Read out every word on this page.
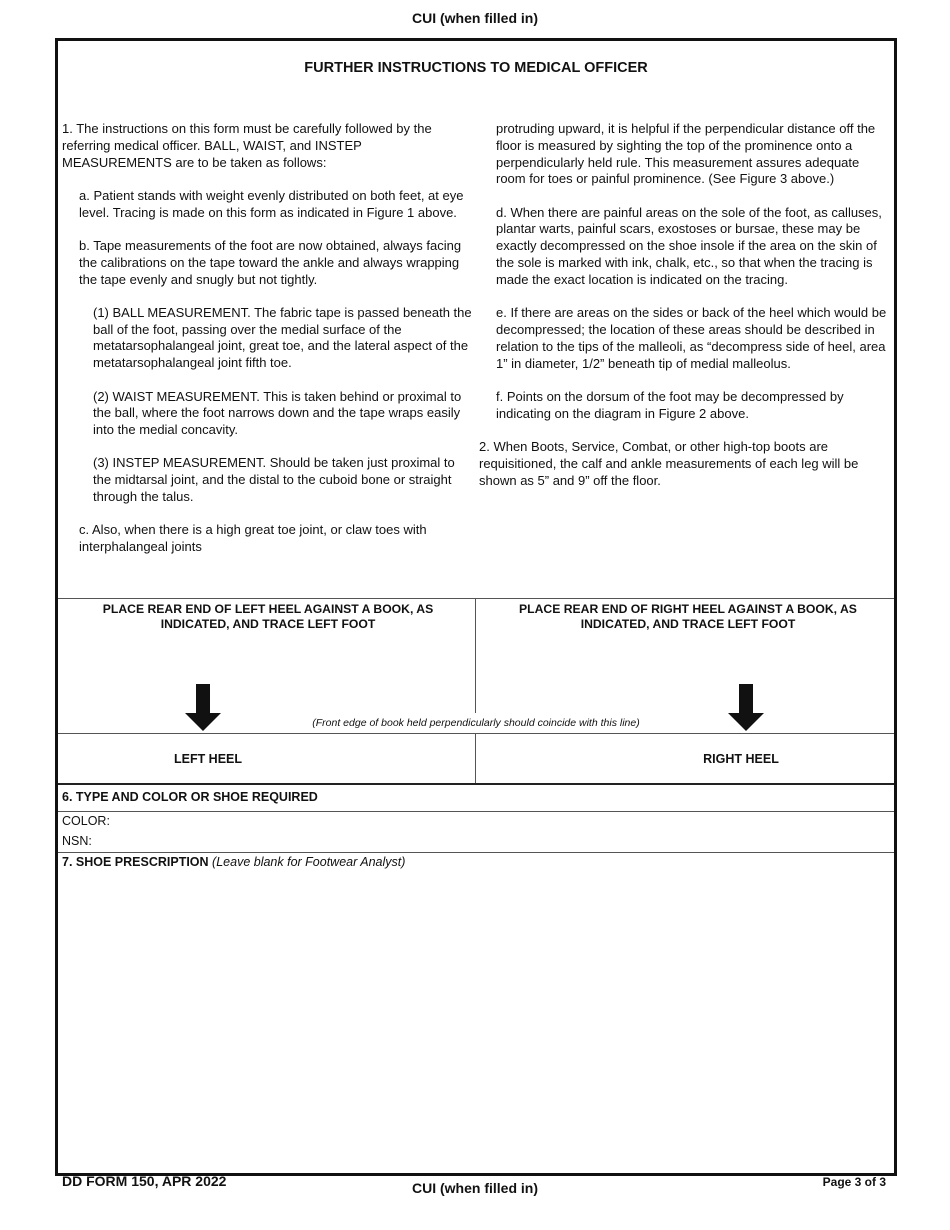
CUI (when filled in)
FURTHER INSTRUCTIONS TO MEDICAL OFFICER

1. The instructions on this form must be carefully followed by the referring medical officer. BALL, WAIST, and INSTEP MEASUREMENTS are to be taken as follows:

a. Patient stands with weight evenly distributed on both feet, at eye level. Tracing is made on this form as indicated in Figure 1 above.

b. Tape measurements of the foot are now obtained, always facing the calibrations on the tape toward the ankle and always wrapping the tape evenly and snugly but not tightly.

(1) BALL MEASUREMENT. The fabric tape is passed beneath the ball of the foot, passing over the medial surface of the metatarsophalangeal joint, great toe, and the lateral aspect of the metatarsophalangeal joint fifth toe.

(2) WAIST MEASUREMENT. This is taken behind or proximal to the ball, where the foot narrows down and the tape wraps easily into the medial concavity.

(3) INSTEP MEASUREMENT. Should be taken just proximal to the midtarsal joint, and the distal to the cuboid bone or straight through the talus.

c. Also, when there is a high great toe joint, or claw toes with interphalangeal joints

protruding upward, it is helpful if the perpendicular distance off the floor is measured by sighting the top of the prominence onto a perpendicularly held rule. This measurement assures adequate room for toes or painful prominence. (See Figure 3 above.)

d. When there are painful areas on the sole of the foot, as calluses, plantar warts, painful scars, exostoses or bursae, these may be exactly decompressed on the shoe insole if the area on the skin of the sole is marked with ink, chalk, etc., so that when the tracing is made the exact location is indicated on the tracing.

e. If there are areas on the sides or back of the heel which would be decompressed; the location of these areas should be described in relation to the tips of the malleoli, as “decompress side of heel, area 1” in diameter, 1/2” beneath tip of medial malleolus.

f. Points on the dorsum of the foot may be decompressed by indicating on the diagram in Figure 2 above.

2. When Boots, Service, Combat, or other high-top boots are requisitioned, the calf and ankle measurements of each leg will be shown as 5” and 9” off the floor.

PLACE REAR END OF LEFT HEEL AGAINST A BOOK, AS INDICATED, AND TRACE LEFT FOOT
PLACE REAR END OF RIGHT HEEL AGAINST A BOOK, AS INDICATED, AND TRACE LEFT FOOT
(Front edge of book held perpendicularly should coincide with this line)
LEFT HEEL	RIGHT HEEL
6. TYPE AND COLOR OR SHOE REQUIRED
COLOR:
NSN:
7. SHOE PRESCRIPTION (Leave blank for Footwear Analyst)
DD FORM 150, APR 2022	CUI (when filled in)	Page 3 of 3
